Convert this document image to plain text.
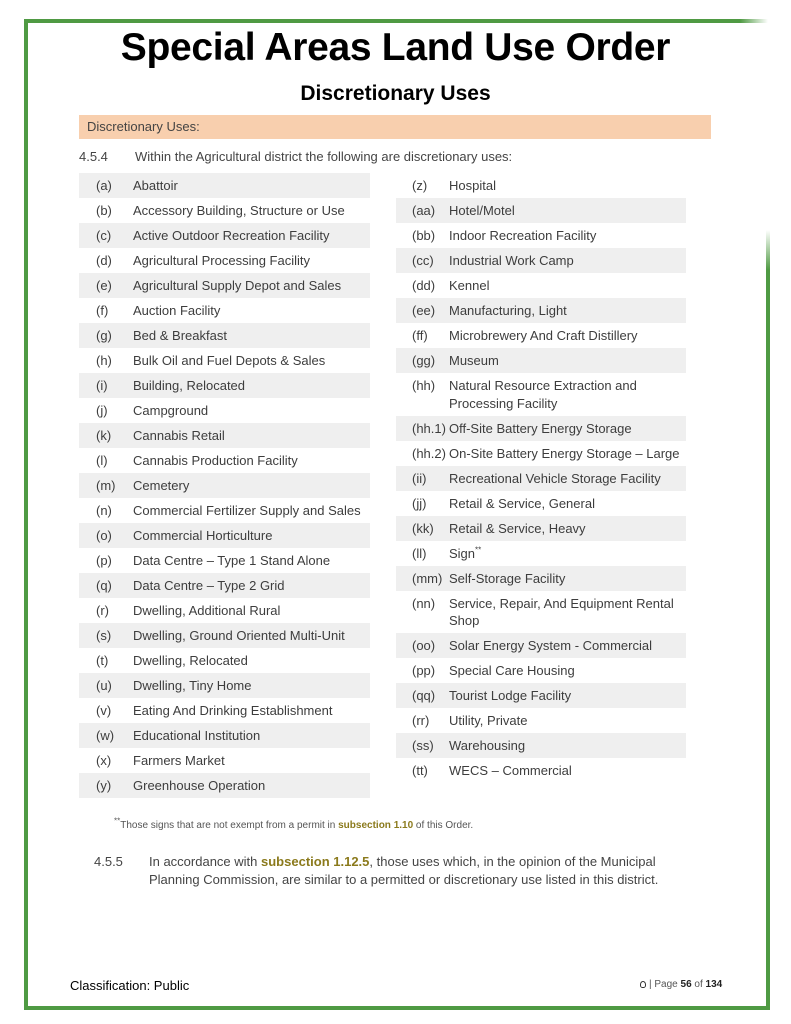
Special Areas Land Use Order
Discretionary Uses
Discretionary Uses:
4.5.4 Within the Agricultural district the following are discretionary uses:
(a)	Abattoir
(b)	Accessory Building, Structure or Use
(c)	Active Outdoor Recreation Facility
(d)	Agricultural Processing Facility
(e)	Agricultural Supply Depot and Sales
(f)	Auction Facility
(g)	Bed & Breakfast
(h)	Bulk Oil and Fuel Depots & Sales
(i)	Building, Relocated
(j)	Campground
(k)	Cannabis Retail
(l)	Cannabis Production Facility
(m)	Cemetery
(n)	Commercial Fertilizer Supply and Sales
(o)	Commercial Horticulture
(p)	Data Centre – Type 1 Stand Alone
(q)	Data Centre – Type 2 Grid
(r)	Dwelling, Additional Rural
(s)	Dwelling, Ground Oriented Multi-Unit
(t)	Dwelling, Relocated
(u)	Dwelling, Tiny Home
(v)	Eating And Drinking Establishment
(w)	Educational Institution
(x)	Farmers Market
(y)	Greenhouse Operation
(z)	Hospital
(aa)	Hotel/Motel
(bb)	Indoor Recreation Facility
(cc)	Industrial Work Camp
(dd)	Kennel
(ee)	Manufacturing, Light
(ff)	Microbrewery And Craft Distillery
(gg)	Museum
(hh)	Natural Resource Extraction and Processing Facility
(hh.1) Off-Site Battery Energy Storage
(hh.2) On-Site Battery Energy Storage – Large
(ii)	Recreational Vehicle Storage Facility
(jj)	Retail & Service, General
(kk)	Retail & Service, Heavy
(ll)	Sign**
(mm) Self-Storage Facility
(nn)	Service, Repair, And Equipment Rental Shop
(oo)	Solar Energy System - Commercial
(pp)	Special Care Housing
(qq)	Tourist Lodge Facility
(rr)	Utility, Private
(ss)	Warehousing
(tt)	WECS – Commercial
**Those signs that are not exempt from a permit in subsection 1.10 of this Order.
4.5.5 In accordance with subsection 1.12.5, those uses which, in the opinion of the Municipal Planning Commission, are similar to a permitted or discretionary use listed in this district.
Classification: Public	| Page 56 of 134
